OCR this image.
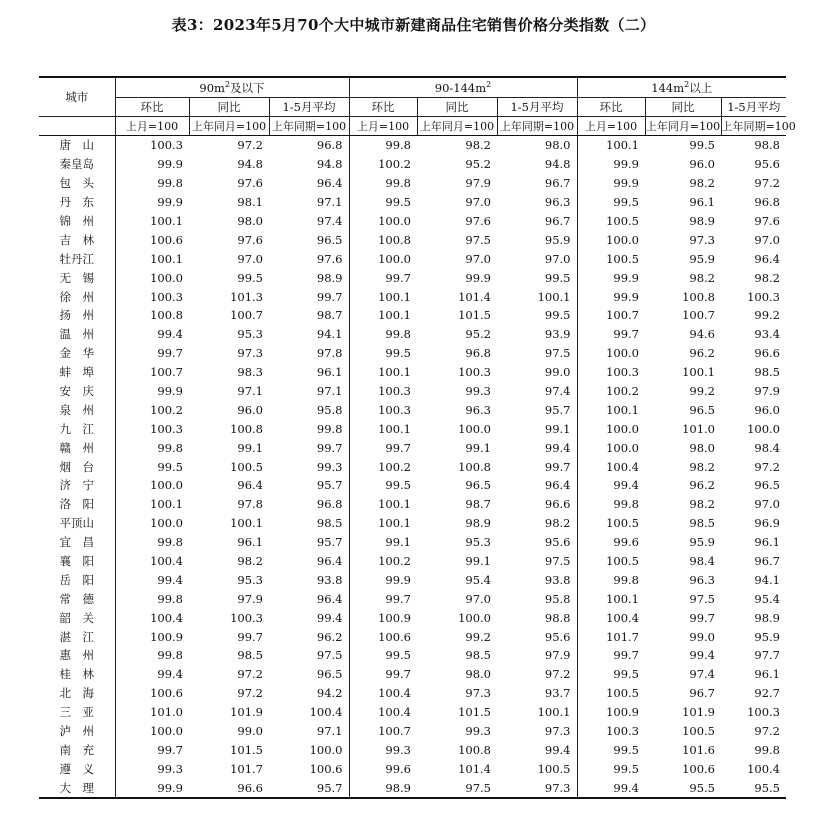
表3：2023年5月70个大中城市新建商品住宅销售价格分类指数（二）
城市	$90m^2$及以下			$90-144m^2$			$144m^2$以上		
	环比	同比	1-5月平均	环比	同比	1-5月平均	环比	同比	1-5月平均
	上月=100	上年同月=100	上年同期=100	上月=100	上年同月=100	上年同期=100	上月=100	上年同月=100	上年同期=100
唐　山	100.3	97.2	96.8	99.8	98.2	98.0	100.1	99.5	98.8
秦皇岛	99.9	94.8	94.8	100.2	95.2	94.8	99.9	96.0	95.6
包　头	99.8	97.6	96.4	99.8	97.9	96.7	99.9	98.2	97.2
丹　东	99.9	98.1	97.1	99.5	97.0	96.3	99.5	96.1	96.8
锦　州	100.1	98.0	97.4	100.0	97.6	96.7	100.5	98.9	97.6
吉　林	100.6	97.6	96.5	100.8	97.5	95.9	100.0	97.3	97.0
牡丹江	100.1	97.0	97.6	100.0	97.0	97.0	100.5	95.9	96.4
无　锡	100.0	99.5	98.9	99.7	99.9	99.5	99.9	98.2	98.2
徐　州	100.3	101.3	99.7	100.1	101.4	100.1	99.9	100.8	100.3
扬　州	100.8	100.7	98.7	100.1	101.5	99.5	100.7	100.7	99.2
温　州	99.4	95.3	94.1	99.8	95.2	93.9	99.7	94.6	93.4
金　华	99.7	97.3	97.8	99.5	96.8	97.5	100.0	96.2	96.6
蚌　埠	100.7	98.3	96.1	100.1	100.3	99.0	100.3	100.1	98.5
安　庆	99.9	97.1	97.1	100.3	99.3	97.4	100.2	99.2	97.9
泉　州	100.2	96.0	95.8	100.3	96.3	95.7	100.1	96.5	96.0
九　江	100.3	100.8	99.8	100.1	100.0	99.1	100.0	101.0	100.0
赣　州	99.8	99.1	99.7	99.7	99.1	99.4	100.0	98.0	98.4
烟　台	99.5	100.5	99.3	100.2	100.8	99.7	100.4	98.2	97.2
济　宁	100.0	96.4	95.7	99.5	96.5	96.4	99.4	96.2	96.5
洛　阳	100.1	97.8	96.8	100.1	98.7	96.6	99.8	98.2	97.0
平顶山	100.0	100.1	98.5	100.1	98.9	98.2	100.5	98.5	96.9
宜　昌	99.8	96.1	95.7	99.1	95.3	95.6	99.6	95.9	96.1
襄　阳	100.4	98.2	96.4	100.2	99.1	97.5	100.5	98.4	96.7
岳　阳	99.4	95.3	93.8	99.9	95.4	93.8	99.8	96.3	94.1
常　德	99.8	97.9	96.4	99.7	97.0	95.8	100.1	97.5	95.4
韶　关	100.4	100.3	99.4	100.9	100.0	98.8	100.4	99.7	98.9
湛　江	100.9	99.7	96.2	100.6	99.2	95.6	101.7	99.0	95.9
惠　州	99.8	98.5	97.5	99.5	98.5	97.9	99.7	99.4	97.7
桂　林	99.4	97.2	96.5	99.7	98.0	97.2	99.5	97.4	96.1
北　海	100.6	97.2	94.2	100.4	97.3	93.7	100.5	96.7	92.7
三　亚	101.0	101.9	100.4	100.4	101.5	100.1	100.9	101.9	100.3
泸　州	100.0	99.0	97.1	100.7	99.3	97.3	100.3	100.5	97.2
南　充	99.7	101.5	100.0	99.3	100.8	99.4	99.5	101.6	99.8
遵　义	99.3	101.7	100.6	99.6	101.4	100.5	99.5	100.6	100.4
大　理	99.9	96.6	95.7	98.9	97.5	97.3	99.4	95.5	95.5
